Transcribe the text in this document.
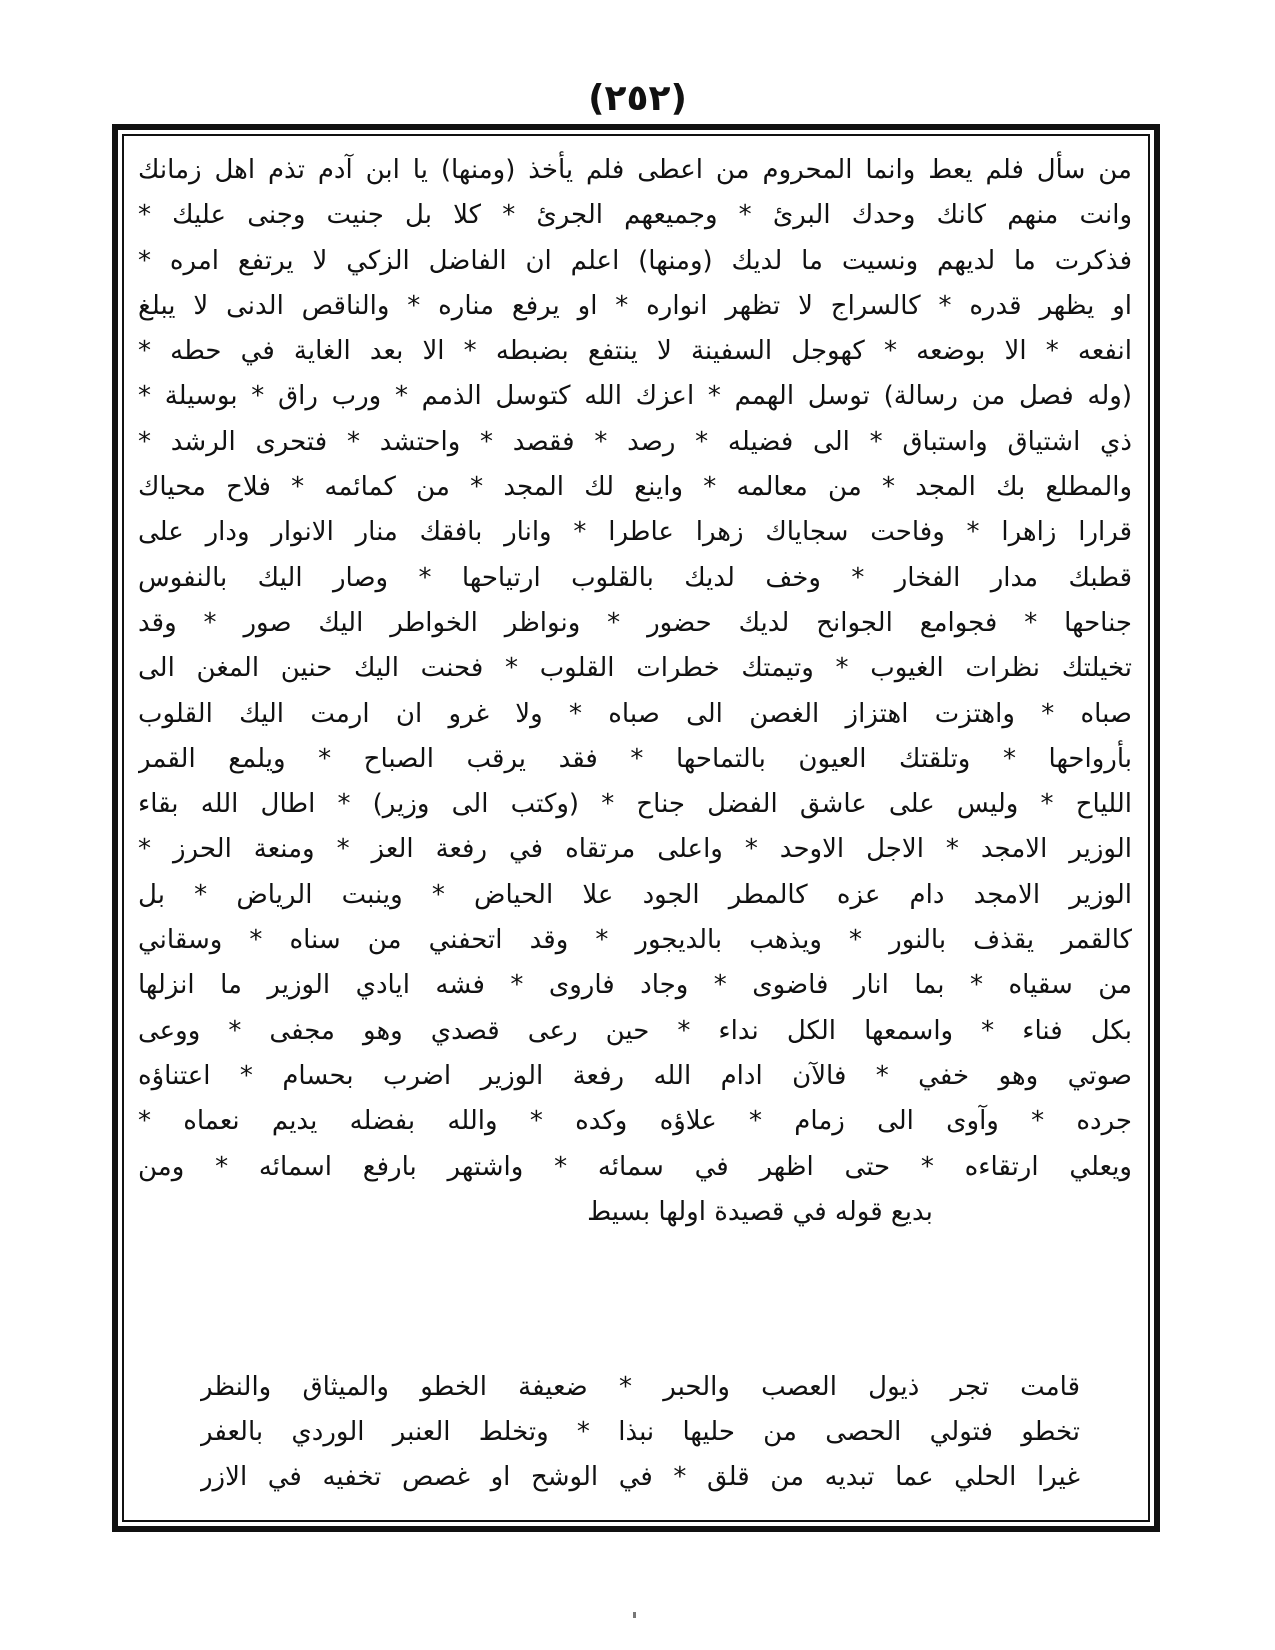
(٢٥٢)
من سأل فلم يعط وانما المحروم من اعطى فلم يأخذ (ومنها) يا ابن آدم تذم اهل زمانك
وانت منهم كانك وحدك البرئ * وجميعهم الجرئ * كلا بل جنيت وجنى عليك *
فذكرت ما لديهم ونسيت ما لديك (ومنها) اعلم ان الفاضل الزكي لا يرتفع امره *
او يظهر قدره * كالسراج لا تظهر انواره * او يرفع مناره * والناقص الدنى لا يبلغ
انفعه * الا بوضعه * كهوجل السفينة لا ينتفع بضبطه * الا بعد الغاية في حطه *
(وله فصل من رسالة) توسل الهمم * اعزك الله كتوسل الذمم * ورب راق * بوسيلة *
ذي اشتياق واستباق * الى فضيله * رصد * فقصد * واحتشد * فتحرى الرشد *
والمطلع بك المجد * من معالمه * واينع لك المجد * من كمائمه * فلاح محياك
قرارا زاهرا * وفاحت سجاياك زهرا عاطرا * وانار بافقك منار الانوار ودار على
قطبك مدار الفخار * وخف لديك بالقلوب ارتياحها * وصار اليك بالنفوس
جناحها * فجوامع الجوانح لديك حضور * ونواظر الخواطر اليك صور * وقد
تخيلتك نظرات الغيوب * وتيمتك خطرات القلوب * فحنت اليك حنين المغن الى
صباه * واهتزت اهتزاز الغصن الى صباه * ولا غرو ان ارمت اليك القلوب
بأرواحها * وتلقتك العيون بالتماحها * فقد يرقب الصباح * ويلمع القمر
اللياح * وليس على عاشق الفضل جناح * (وكتب الى وزير) * اطال الله بقاء
الوزير الامجد * الاجل الاوحد * واعلى مرتقاه في رفعة العز * ومنعة الحرز *
الوزير الامجد دام عزه كالمطر الجود علا الحياض * وينبت الرياض * بل
كالقمر يقذف بالنور * ويذهب بالديجور * وقد اتحفني من سناه * وسقاني
من سقياه * بما انار فاضوى * وجاد فاروى * فشه ايادي الوزير ما انزلها
بكل فناء * واسمعها الكل نداء * حين رعى قصدي وهو مجفى * ووعى
صوتي وهو خفي * فالآن ادام الله رفعة الوزير اضرب بحسام * اعتناؤه
جرده * وآوى الى زمام * علاؤه وكده * والله بفضله يديم نعماه *
ويعلي ارتقاءه * حتى اظهر في سمائه * واشتهر بارفع اسمائه * ومن
بديع قوله في قصيدة اولها بسيط
قامت تجر ذيول العصب والحبر * ضعيفة الخطو والميثاق والنظر
تخطو فتولي الحصى من حليها نبذا * وتخلط العنبر الوردي بالعفر
غيرا الحلي عما تبديه من قلق * في الوشح او غصص تخفيه في الازر
